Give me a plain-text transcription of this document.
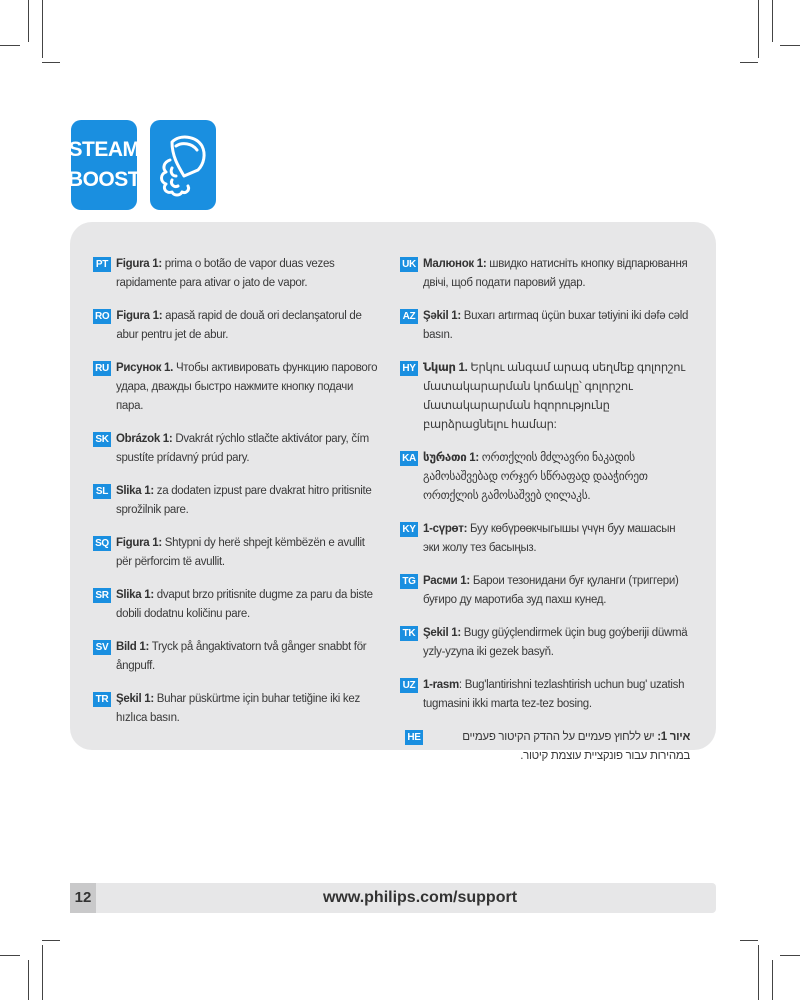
STEAM
BOOST
PT Figura 1: prima o botão de vapor duas vezes rapidamente para ativar o jato de vapor.
RO Figura 1: apasă rapid de două ori declanşatorul de abur pentru jet de abur.
RU Рисунок 1. Чтобы активировать функцию парового удара, дважды быстро нажмите кнопку подачи пара.
SK Obrázok 1: Dvakrát rýchlo stlačte aktivátor pary, čím spustíte prídavný prúd pary.
SL Slika 1: za dodaten izpust pare dvakrat hitro pritisnite sprožilnik pare.
SQ Figura 1: Shtypni dy herë shpejt këmbëzën e avullit për përforcim të avullit.
SR Slika 1: dvaput brzo pritisnite dugme za paru da biste dobili dodatnu količinu pare.
SV Bild 1: Tryck på ångaktivatorn två gånger snabbt för ångpuff.
TR Şekil 1: Buhar püskürtme için buhar tetiğine iki kez hızlıca basın.
UK Малюнок 1: швидко натисніть кнопку відпарювання двічі, щоб подати паровий удар.
AZ Şəkil 1: Buxarı artırmaq üçün buxar tətiyini iki dəfə cəld basın.
HY Նկար 1. Երկու անգամ արագ սեղմեք գոլորշու մատակարարման կոճակը՝ գոլորշու մատակարարման հզորությունը բարձրացնելու համար:
KA სურათი 1: ორთქლის მძლავრი ნაკადის გამოსაშვებად ორჯერ სწრაფად დააჭირეთ ორთქლის გამოსაშვებ ღილაკს.
KY 1-сүрөт: Буу көбүрөөкчыгышы үчүн буу машасын эки жолу тез басыңыз.
TG Расми 1: Барои тезонидани буғ қуланги (триггери) буғиро ду маротиба зуд пахш кунед.
TK Şekil 1: Bugy güýçlendirmek üçin bug goýberiji düwmä yzly-yzyna iki gezek basyň.
UZ 1-rasm: Bug'lantirishni tezlashtirish uchun bug' uzatish tugmasini ikki marta tez-tez bosing.
HE	איור 1: יש ללחוץ פעמיים על ההדק הקיטור פעמיים במהירות עבור פונקציית עוצמת קיטור.
12	www.philips.com/support
